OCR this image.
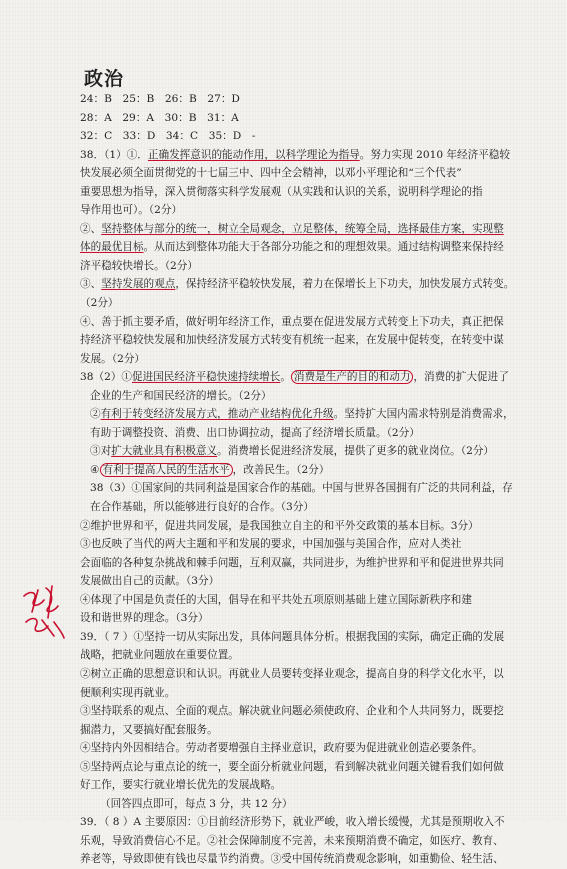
政治
24：B　25：B　26：B　27：D
28：A　29：A　30：B　31：A
32：C　33：D　34：C　35：D　-
38．（1）①．正确发挥意识的能动作用，以科学理论为指导。努力实现 2010 年经济平稳较
快发展必须全面贯彻党的十七届三中、四中全会精神，以邓小平理论和“三个代表”
重要思想为指导，深入贯彻落实科学发展观（从实践和认识的关系，说明科学理论的指
导作用也可）。（2分）
②、坚持整体与部分的统一，树立全局观念，立足整体，统筹全局，选择最佳方案，实现整
体的最优目标。从而达到整体功能大于各部分功能之和的理想效果。通过结构调整来保持经
济平稳较快增长。（2分）
③、坚持发展的观点，保持经济平稳较快发展，着力在保增长上下功夫，加快发展方式转变。
（2分）
④、善于抓主要矛盾，做好明年经济工作，重点要在促进发展方式转变上下功夫，真正把保
持经济平稳较快发展和加快经济发展方式转变有机统一起来，在发展中促转变，在转变中谋
发展。（2分）
38（2）①促进国民经济平稳快速持续增长。 消费是生产的目的和动力 ，消费的扩大促进了
企业的生产和国民经济的增长。（2分）
②有利于转变经济发展方式，推动产业结构优化升级。坚持扩大国内需求特别是消费需求，
有助于调整投资、消费、出口协调拉动，提高了经济增长质量。（2分）
③对扩大就业具有积极意义。消费增长促进经济发展，提供了更多的就业岗位。（2分）
④ 有利于提高人民的生活水平 ，改善民生。（2分）
38（3）①国家间的共同利益是国家合作的基础。中国与世界各国拥有广泛的共同利益，存
在合作基础，所以能够进行良好的合作。（3分）
②维护世界和平，促进共同发展，是我国独立自主的和平外交政策的基本目标。3分）
③也反映了当代的两大主题和平和发展的要求，中国加强与美国合作，应对人类社
会面临的各种复杂挑战和棘手问题，互利双赢，共同进步，为维护世界和平和促进世界共同
发展做出自己的贡献。（3分）
④体现了中国是负责任的大国，倡导在和平共处五项原则基础上建立国际新秩序和建
设和谐世界的理念。（3分）
39．（ 7 ）①坚持一切从实际出发，具体问题具体分析。根据我国的实际，确定正确的发展
战略，把就业问题放在重要位置。
②树立正确的思想意识和认识。再就业人员要转变择业观念，提高自身的科学文化水平，以
便顺利实现再就业。
③坚持联系的观点、全面的观点。解决就业问题必须使政府、企业和个人共同努力，既要挖
掘潜力，又要搞好配套服务。
④坚持内外因相结合。劳动者要增强自主择业意识，政府要为促进就业创造必要条件。
⑤坚持两点论与重点论的统一，要全面分析就业问题，看到解决就业问题关键看我们如何做
好工作，要实行就业增长优先的发展战略。
（回答四点即可，每点 3 分，共 12 分）
39．（ 8 ）A 主要原因：①目前经济形势下，就业严峻，收入增长缓慢，尤其是预期收入不
乐观，导致消费信心不足。②社会保障制度不完善，未来预期消费不确定，如医疗、教育、
养老等，导致即使有钱也尽量节约消费。③受中国传统消费观念影响，如重勤俭、轻生活、
